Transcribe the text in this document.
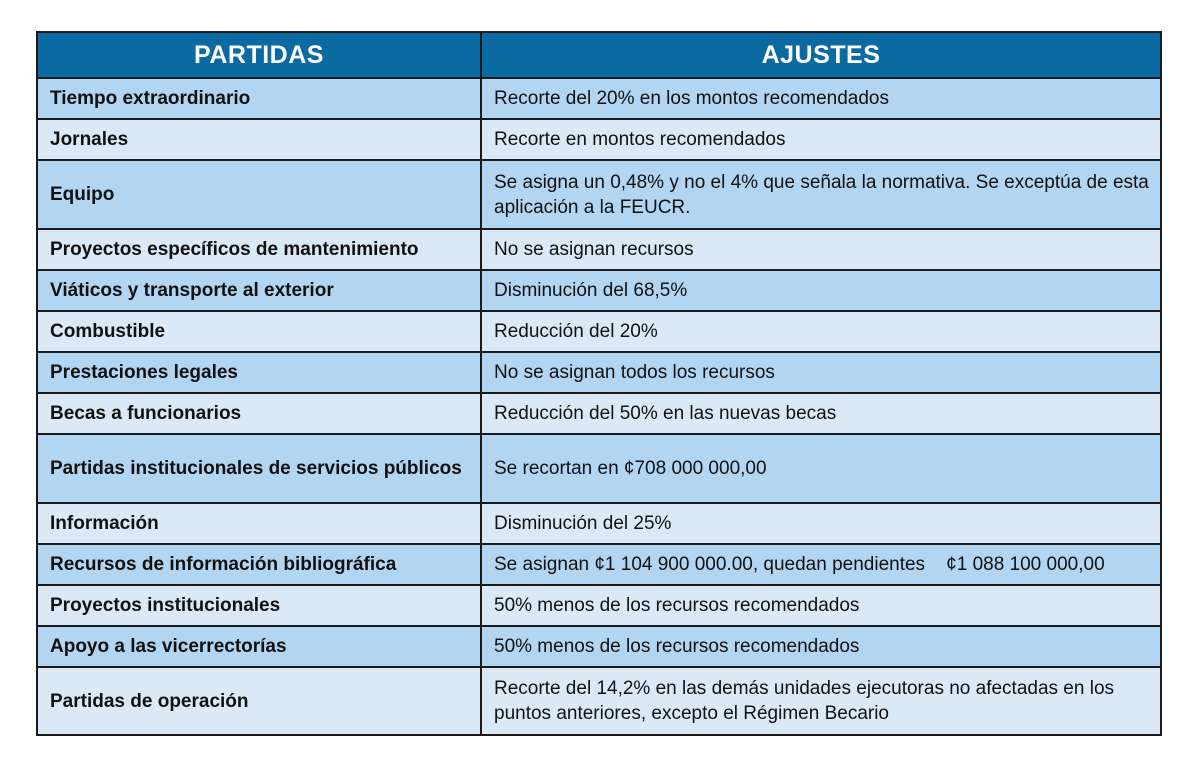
PARTIDAS	AJUSTES
Tiempo extraordinario	Recorte del 20% en los montos recomendados
Jornales	Recorte en montos recomendados
Equipo	Se asigna un 0,48% y no el 4% que señala la normativa. Se exceptúa de esta aplicación a la FEUCR.
Proyectos específicos de mantenimiento	No se asignan recursos
Viáticos y transporte al exterior	Disminución del 68,5%
Combustible	Reducción del 20%
Prestaciones legales	No se asignan todos los recursos
Becas a funcionarios	Reducción del 50% en las nuevas becas
Partidas institucionales de servicios públicos	Se recortan en ¢708 000 000,00
Información	Disminución del 25%
Recursos de información bibliográfica	Se asignan ¢1 104 900 000.00, quedan pendientes    ¢1 088 100 000,00
Proyectos institucionales	50% menos de los recursos recomendados
Apoyo a las vicerrectorías	50% menos de los recursos recomendados
Partidas de operación	Recorte del 14,2% en las demás unidades ejecutoras no afectadas en los puntos anteriores, excepto el Régimen Becario
